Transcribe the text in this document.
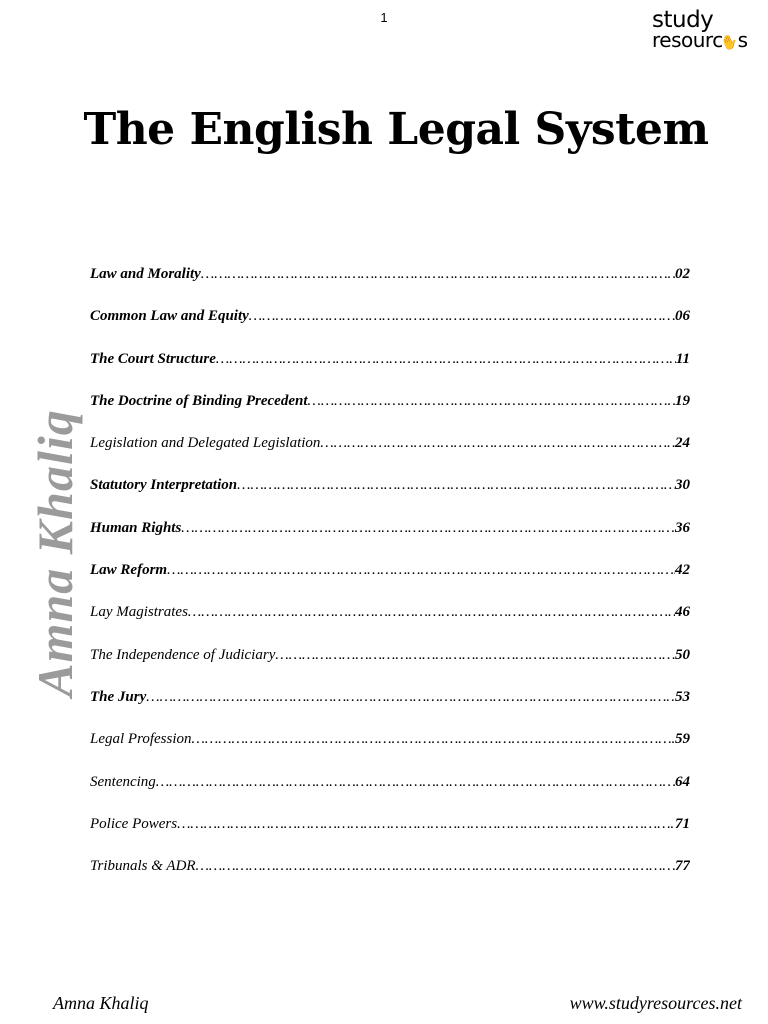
1	study
resourc✋s
The English Legal System
Amna Khaliq
Law and Morality ……………………………………………………………………………………………………………………………………………………………………………………………………………………	02
Common Law and Equity ……………………………………………………………………………………………………………………………………………………………………………………………………………………	06
The Court Structure ……………………………………………………………………………………………………………………………………………………………………………………………………………………	11
The Doctrine of Binding Precedent ……………………………………………………………………………………………………………………………………………………………………………………………………………………	19
Legislation and Delegated Legislation ……………………………………………………………………………………………………………………………………………………………………………………………………………………	24
Statutory Interpretation ……………………………………………………………………………………………………………………………………………………………………………………………………………………	30
Human Rights ……………………………………………………………………………………………………………………………………………………………………………………………………………………	36
Law Reform ……………………………………………………………………………………………………………………………………………………………………………………………………………………	42
Lay Magistrates ……………………………………………………………………………………………………………………………………………………………………………………………………………………	46
The Independence of Judiciary ……………………………………………………………………………………………………………………………………………………………………………………………………………………	50
The Jury ……………………………………………………………………………………………………………………………………………………………………………………………………………………	53
Legal Profession ……………………………………………………………………………………………………………………………………………………………………………………………………………………	59
Sentencing ……………………………………………………………………………………………………………………………………………………………………………………………………………………	64
Police Powers ……………………………………………………………………………………………………………………………………………………………………………………………………………………	71
Tribunals & ADR ……………………………………………………………………………………………………………………………………………………………………………………………………………………	77
Amna Khaliq	www.studyresources.net
